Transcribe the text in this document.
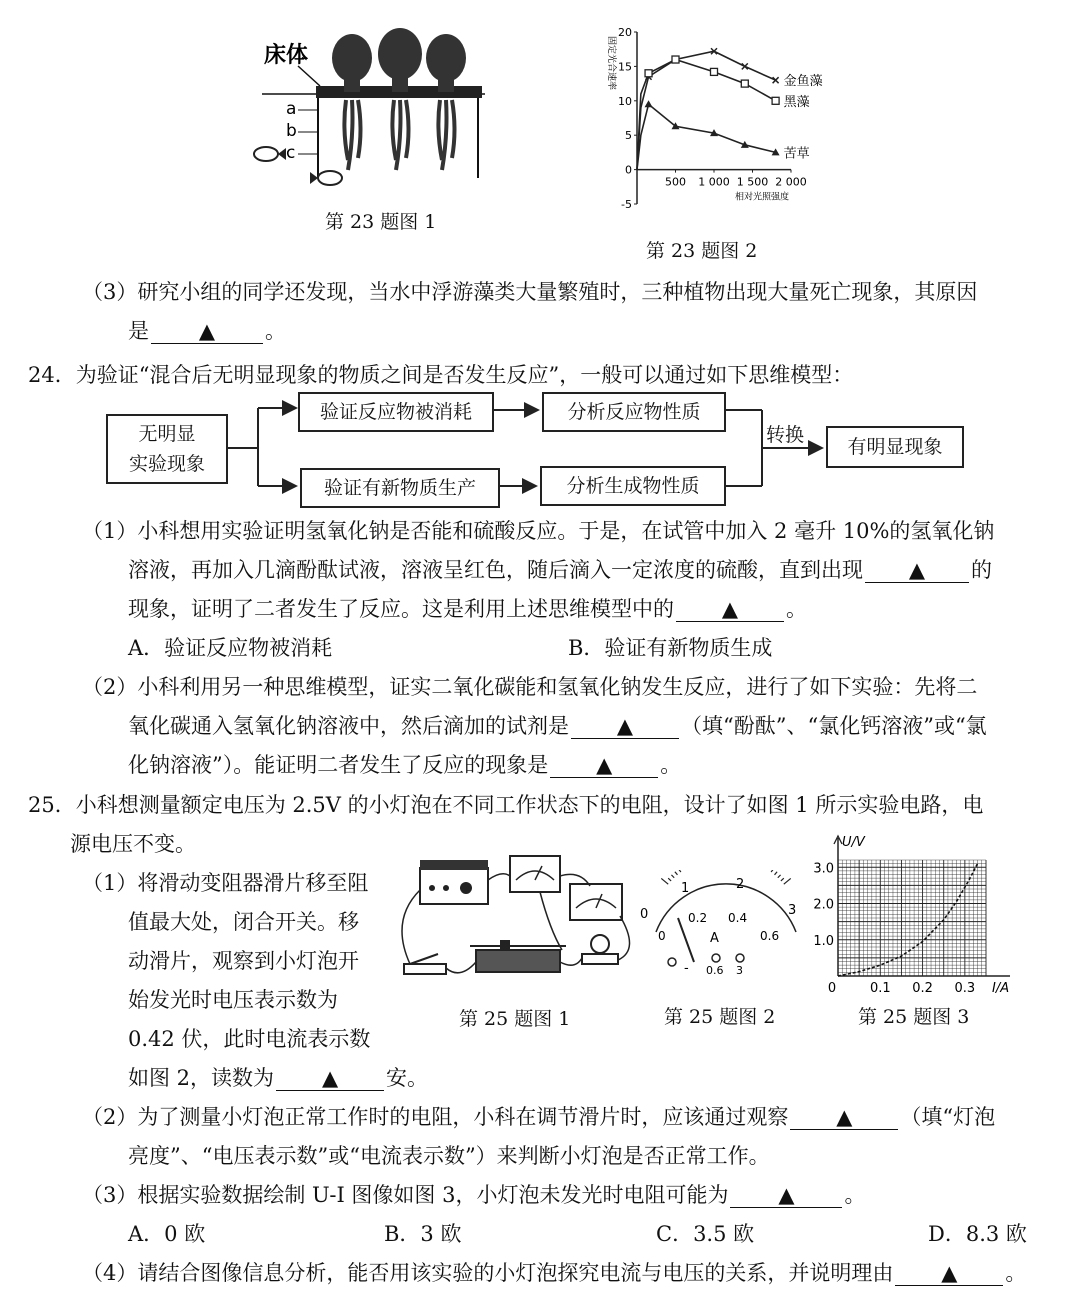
床体
a
b
c
第 23 题图 1
-5
0
5
10
15
20
500 1 000 1 500 2 000
相对光照强度
固定光合速率	金鱼藻
黑藻
苦草
第 23 题图 2
（3）研究小组的同学还发现，当水中浮游藻类大量繁殖时，三种植物出现大量死亡现象，其原因
是 ▲ 。
24．为验证“混合后无明显现象的物质之间是否发生反应”，一般可以通过如下思维模型：
无明显
实验现象
验证反应物被消耗	分析反应物性质
验证有新物质生产	分析生成物性质
转换
有明显现象
（1）小科想用实验证明氢氧化钠是否能和硫酸反应。于是，在试管中加入 2 毫升 10%的氢氧化钠
溶液，再加入几滴酚酞试液，溶液呈红色，随后滴入一定浓度的硫酸，直到出现 ▲ 的
现象，证明了二者发生了反应。这是利用上述思维模型中的 ▲ 。
A．验证反应物被消耗	B．验证有新物质生成
（2）小科利用另一种思维模型，证实二氧化碳能和氢氧化钠发生反应，进行了如下实验：先将二
氧化碳通入氢氧化钠溶液中，然后滴加的试剂是 ▲ （填“酚酞”、“氯化钙溶液”或“氯
化钠溶液”）。能证明二者发生了反应的现象是 ▲ 。
25．小科想测量额定电压为 2.5V 的小灯泡在不同工作状态下的电阻，设计了如图 1 所示实验电路，电
源电压不变。
（1）将滑动变阻器滑片移至阻
值最大处，闭合开关。移
动滑片，观察到小灯泡开
始发光时电压表示数为
0.42 伏，此时电流表示数
如图 2，读数为 ▲ 安。
第 25 题图 1
0
1	2
3
0
0.2 0.4
0.6
A
- 0.6 3
第 25 题图 2
1.0
2.0
3.0
0	0.1 0.2 0.3 I/A
U/V
第 25 题图 3
（2）为了测量小灯泡正常工作时的电阻，小科在调节滑片时，应该通过观察 ▲ （填“灯泡
亮度”、“电压表示数”或“电流表示数”）来判断小灯泡是否正常工作。
（3）根据实验数据绘制 U-I 图像如图 3，小灯泡未发光时电阻可能为 ▲ 。
A．0 欧	B．3 欧	C．3.5 欧	D．8.3 欧
（4）请结合图像信息分析，能否用该实验的小灯泡探究电流与电压的关系，并说明理由 ▲ 。
